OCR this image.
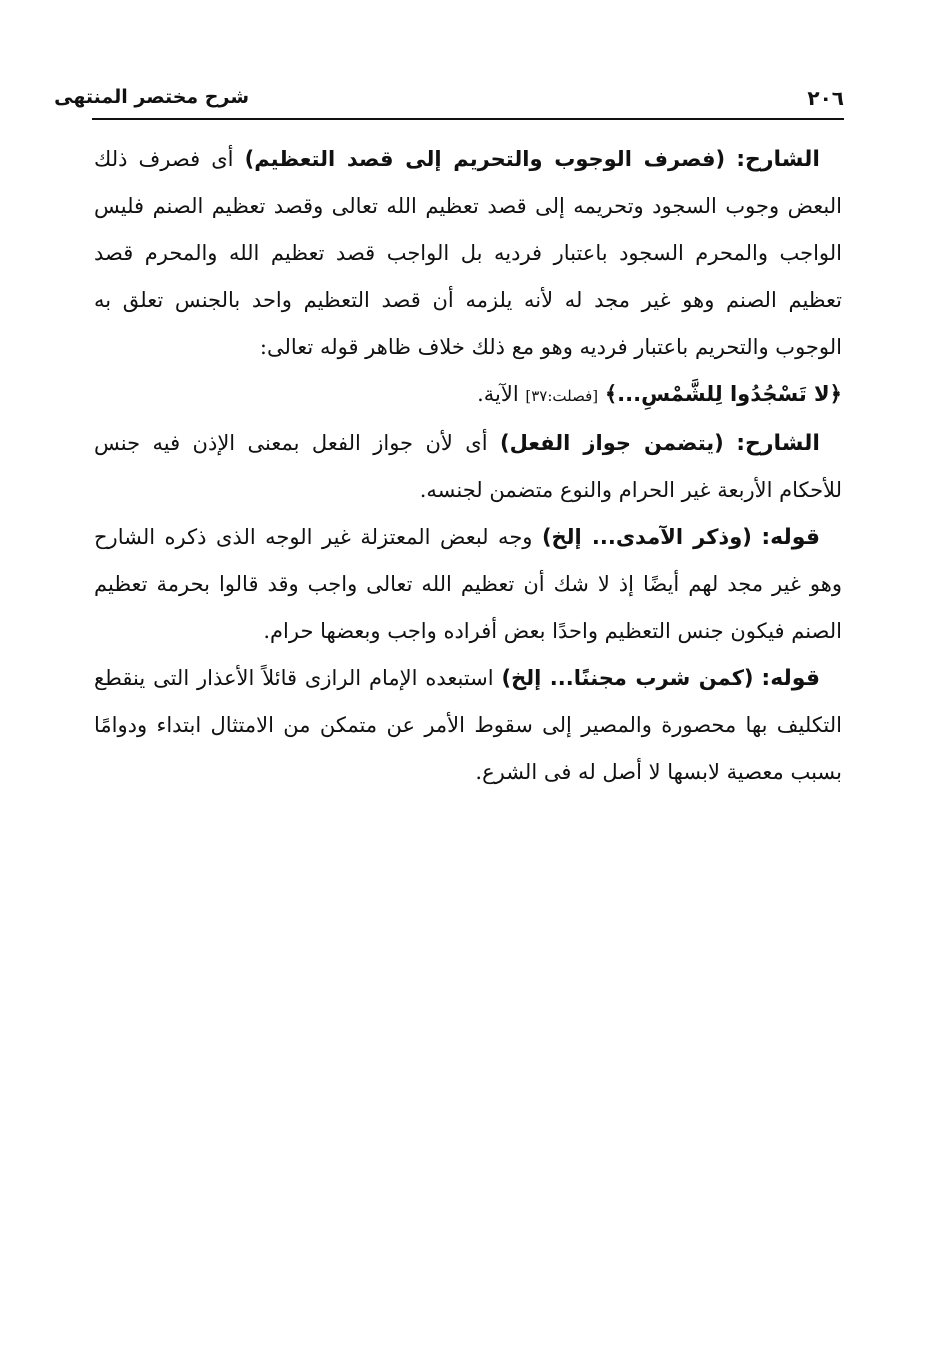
شرح مختصر المنتهى	٢٠٦

الشارح: (فصرف الوجوب والتحريم إلى قصد التعظيم) أى فصرف ذلك البعض وجوب السجود وتحريمه إلى قصد تعظيم الله تعالى وقصد تعظيم الصنم فليس الواجب والمحرم السجود باعتبار فرديه بل الواجب قصد تعظيم الله والمحرم قصد تعظيم الصنم وهو غير مجد له لأنه يلزمه أن قصد التعظيم واحد بالجنس تعلق به الوجوب والتحريم باعتبار فرديه وهو مع ذلك خلاف ظاهر قوله تعالى:

﴿لا تَسْجُدُوا لِلشَّمْسِ...﴾ [فصلت:٣٧] الآية.

الشارح: (يتضمن جواز الفعل) أى لأن جواز الفعل بمعنى الإذن فيه جنس للأحكام الأربعة غير الحرام والنوع متضمن لجنسه.

قوله: (وذكر الآمدى... إلخ) وجه لبعض المعتزلة غير الوجه الذى ذكره الشارح وهو غير مجد لهم أيضًا إذ لا شك أن تعظيم الله تعالى واجب وقد قالوا بحرمة تعظيم الصنم فيكون جنس التعظيم واحدًا بعض أفراده واجب وبعضها حرام.

قوله: (كمن شرب مجننًا... إلخ) استبعده الإمام الرازى قائلاً الأعذار التى ينقطع التكليف بها محصورة والمصير إلى سقوط الأمر عن متمكن من الامتثال ابتداء ودوامًا بسبب معصية لابسها لا أصل له فى الشرع.
